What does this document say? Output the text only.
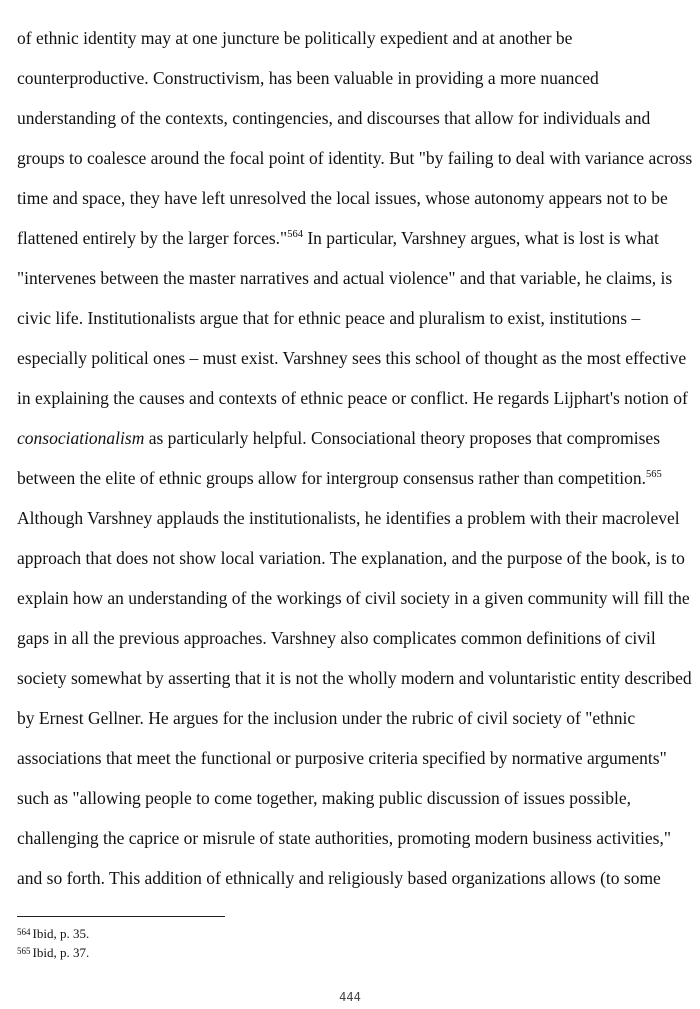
of ethnic identity may at one juncture be politically expedient and at another be
counterproductive. Constructivism, has been valuable in providing a more nuanced
understanding of the contexts, contingencies, and discourses that allow for individuals and
groups to coalesce around the focal point of identity. But "by failing to deal with variance across
time and space, they have left unresolved the local issues, whose autonomy appears not to be
flattened entirely by the larger forces."$^{564}$ In particular, Varshney argues, what is lost is what
"intervenes between the master narratives and actual violence" and that variable, he claims, is
civic life. Institutionalists argue that for ethnic peace and pluralism to exist, institutions –
especially political ones – must exist. Varshney sees this school of thought as the most effective
in explaining the causes and contexts of ethnic peace or conflict. He regards Lijphart's notion of
consociationalism as particularly helpful. Consociational theory proposes that compromises
between the elite of ethnic groups allow for intergroup consensus rather than competition.$^{565}$
Although Varshney applauds the institutionalists, he identifies a problem with their macrolevel
approach that does not show local variation. The explanation, and the purpose of the book, is to
explain how an understanding of the workings of civil society in a given community will fill the
gaps in all the previous approaches. Varshney also complicates common definitions of civil
society somewhat by asserting that it is not the wholly modern and voluntaristic entity described
by Ernest Gellner. He argues for the inclusion under the rubric of civil society of "ethnic
associations that meet the functional or purposive criteria specified by normative arguments"
such as "allowing people to come together, making public discussion of issues possible,
challenging the caprice or misrule of state authorities, promoting modern business activities,"
and so forth. This addition of ethnically and religiously based organizations allows (to some
$^{564}$ Ibid, p. 35.
$^{565}$ Ibid, p. 37.
444
